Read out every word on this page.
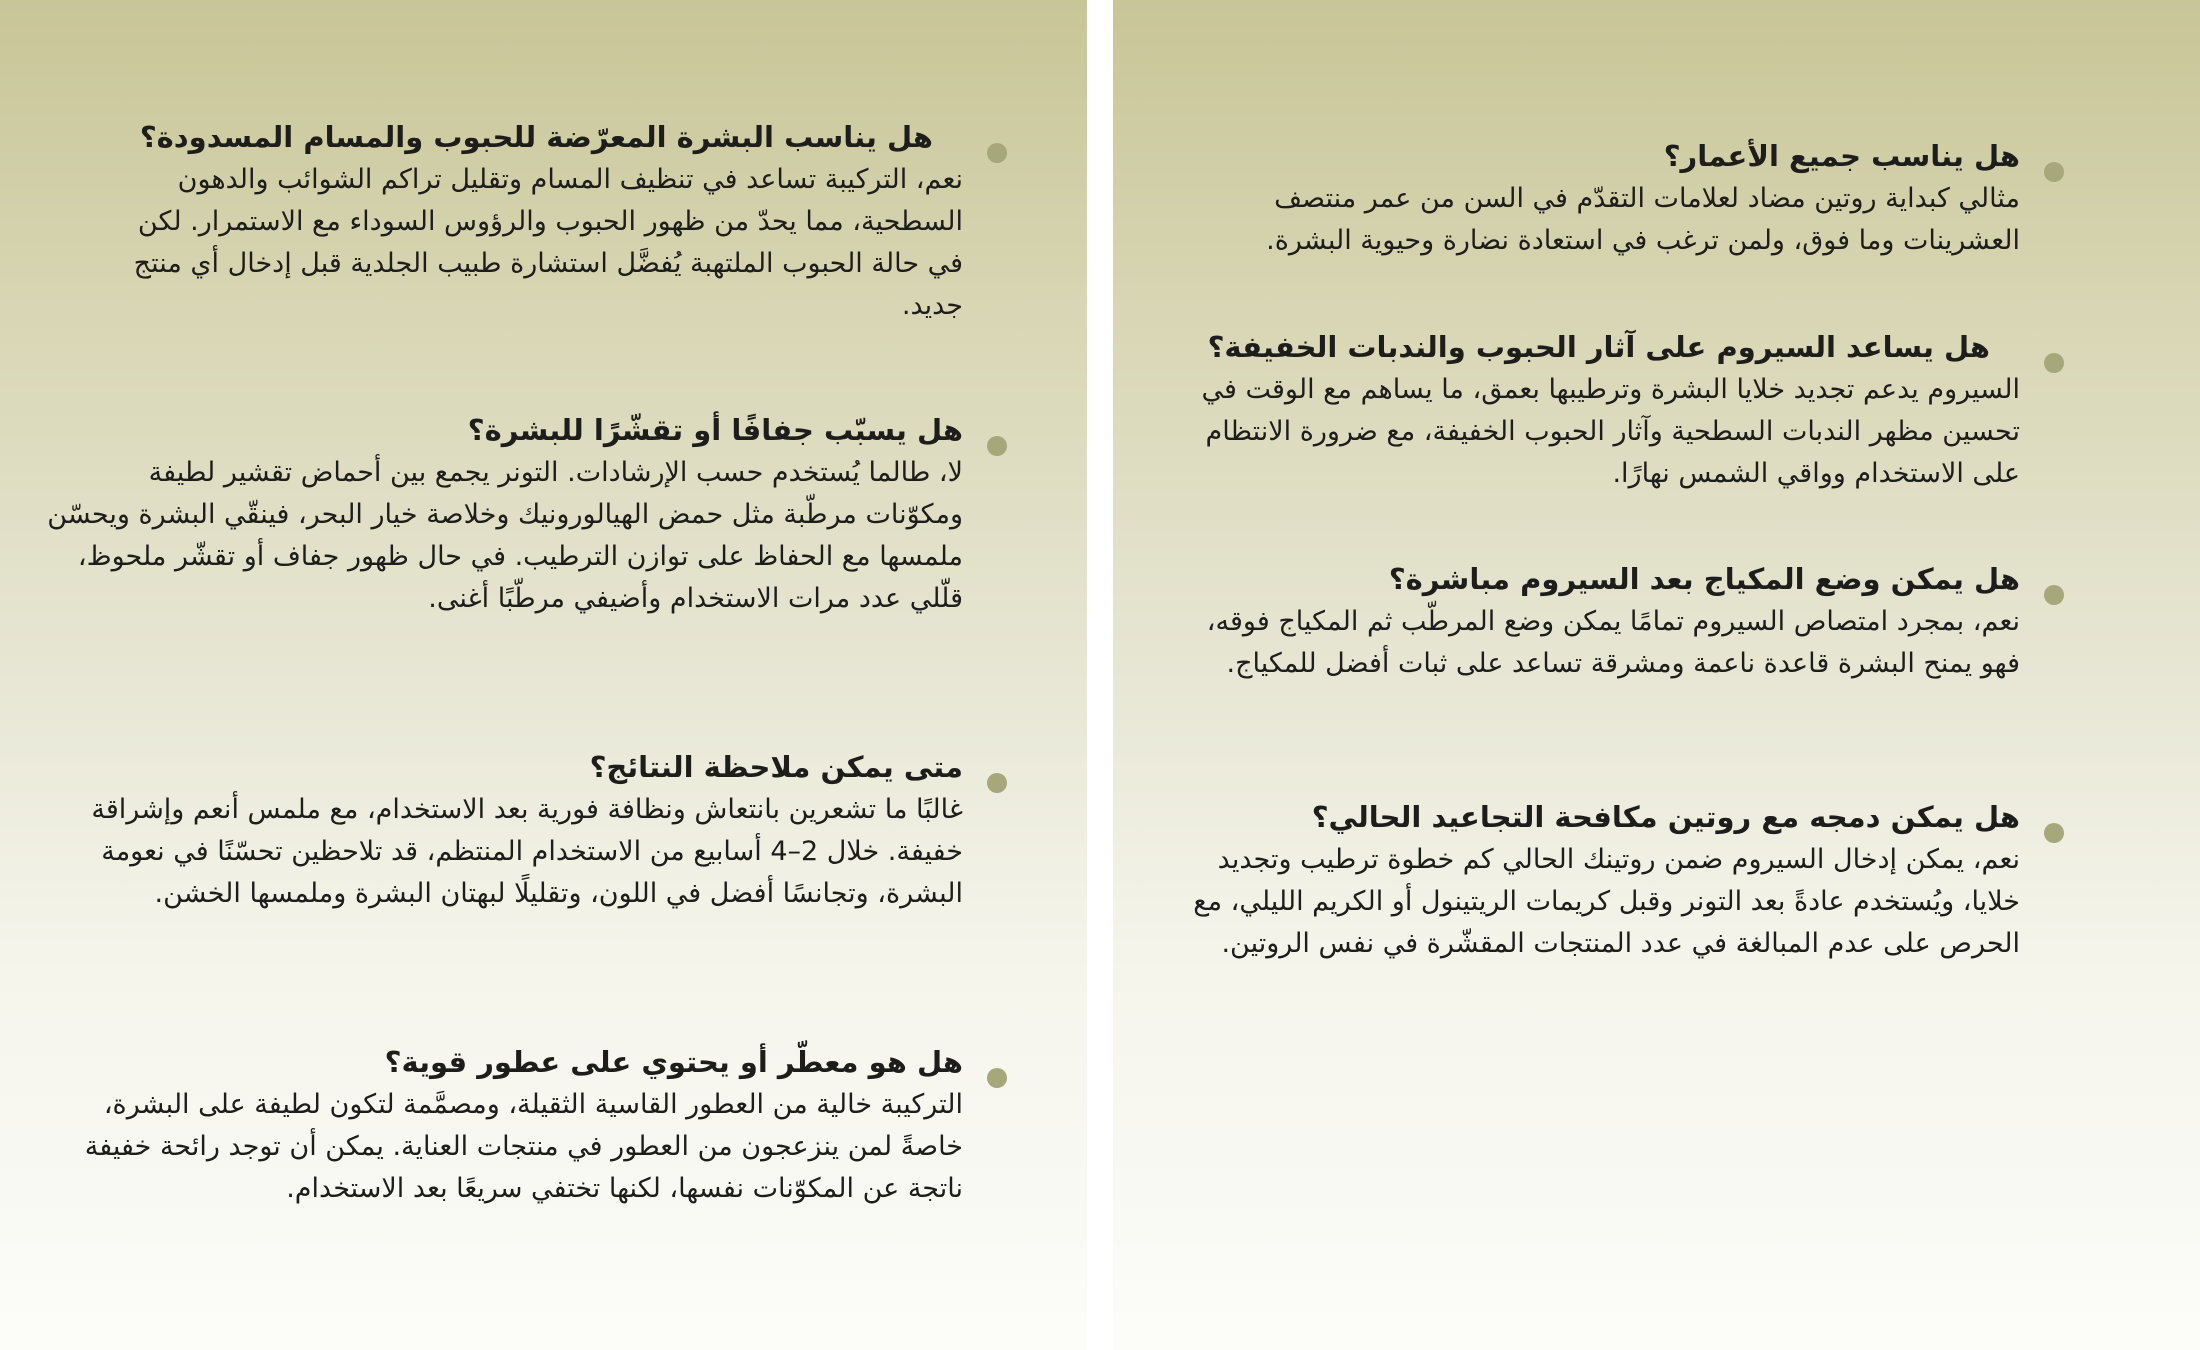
هل يناسب البشرة المعرّضة للحبوب والمسام المسدودة؟

نعم، التركيبة تساعد في تنظيف المسام وتقليل تراكم الشوائب والدهون السطحية، مما يحدّ من ظهور الحبوب والرؤوس السوداء مع الاستمرار. لكن في حالة الحبوب الملتهبة يُفضَّل استشارة طبيب الجلدية قبل إدخال أي منتج جديد.

هل يسبّب جفافًا أو تقشّرًا للبشرة؟

لا، طالما يُستخدم حسب الإرشادات. التونر يجمع بين أحماض تقشير لطيفة ومكوّنات مرطّبة مثل حمض الهيالورونيك وخلاصة خيار البحر، فينقّي البشرة ويحسّن ملمسها مع الحفاظ على توازن الترطيب. في حال ظهور جفاف أو تقشّر ملحوظ، قلّلي عدد مرات الاستخدام وأضيفي مرطّبًا أغنى.

متى يمكن ملاحظة النتائج؟

غالبًا ما تشعرين بانتعاش ونظافة فورية بعد الاستخدام، مع ملمس أنعم وإشراقة خفيفة. خلال 2–4 أسابيع من الاستخدام المنتظم، قد تلاحظين تحسّنًا في نعومة البشرة، وتجانسًا أفضل في اللون، وتقليلًا لبهتان البشرة وملمسها الخشن.

هل هو معطّر أو يحتوي على عطور قوية؟

التركيبة خالية من العطور القاسية الثقيلة، ومصمَّمة لتكون لطيفة على البشرة، خاصةً لمن ينزعجون من العطور في منتجات العناية. يمكن أن توجد رائحة خفيفة ناتجة عن المكوّنات نفسها، لكنها تختفي سريعًا بعد الاستخدام.

هل يناسب جميع الأعمار؟

مثالي كبداية روتين مضاد لعلامات التقدّم في السن من عمر منتصف العشرينات وما فوق، ولمن ترغب في استعادة نضارة وحيوية البشرة.

هل يساعد السيروم على آثار الحبوب والندبات الخفيفة؟

السيروم يدعم تجديد خلايا البشرة وترطيبها بعمق، ما يساهم مع الوقت في تحسين مظهر الندبات السطحية وآثار الحبوب الخفيفة، مع ضرورة الانتظام على الاستخدام وواقي الشمس نهارًا.

هل يمكن وضع المكياج بعد السيروم مباشرة؟

نعم، بمجرد امتصاص السيروم تمامًا يمكن وضع المرطّب ثم المكياج فوقه، فهو يمنح البشرة قاعدة ناعمة ومشرقة تساعد على ثبات أفضل للمكياج.

هل يمكن دمجه مع روتين مكافحة التجاعيد الحالي؟

نعم، يمكن إدخال السيروم ضمن روتينك الحالي كم خطوة ترطيب وتجديد خلايا، ويُستخدم عادةً بعد التونر وقبل كريمات الريتينول أو الكريم الليلي، مع الحرص على عدم المبالغة في عدد المنتجات المقشّرة في نفس الروتين.
